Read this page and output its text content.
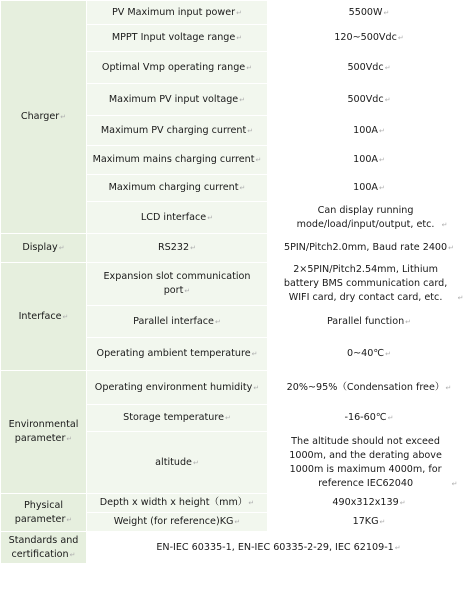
Charger↵	PV Maximum input power↵	5500W↵
	MPPT Input voltage range↵	120~500Vdc↵
	Optimal Vmp operating range↵	500Vdc↵
	Maximum PV input voltage↵	500Vdc↵
	Maximum PV charging current↵	100A↵
	Maximum mains charging current↵	100A↵
	Maximum charging current↵	100A↵
	LCD interface↵	Can display running mode/load/input/output, etc. ↵
Display↵	RS232↵	5PIN/Pitch2.0mm, Baud rate 2400↵
Interface↵	Expansion slot communication port↵	2×5PIN/Pitch2.54mm, Lithium battery BMS communication card, WIFI card, dry contact card, etc. ↵
	Parallel interface↵	Parallel function↵
	Operating ambient temperature↵	0~40℃↵
Environmental parameter↵	Operating environment humidity↵	20%~95%（Condensation free）↵
	Storage temperature↵	-16-60℃↵
	altitude↵	The altitude should not exceed 1000m, and the derating above 1000m is maximum 4000m, for reference IEC62040 ↵
Physical parameter↵	Depth x width x height（mm）↵	490x312x139↵
	Weight (for reference)KG↵	17KG↵
Standards and certification↵	EN-IEC 60335-1, EN-IEC 60335-2-29, IEC 62109-1↵	
